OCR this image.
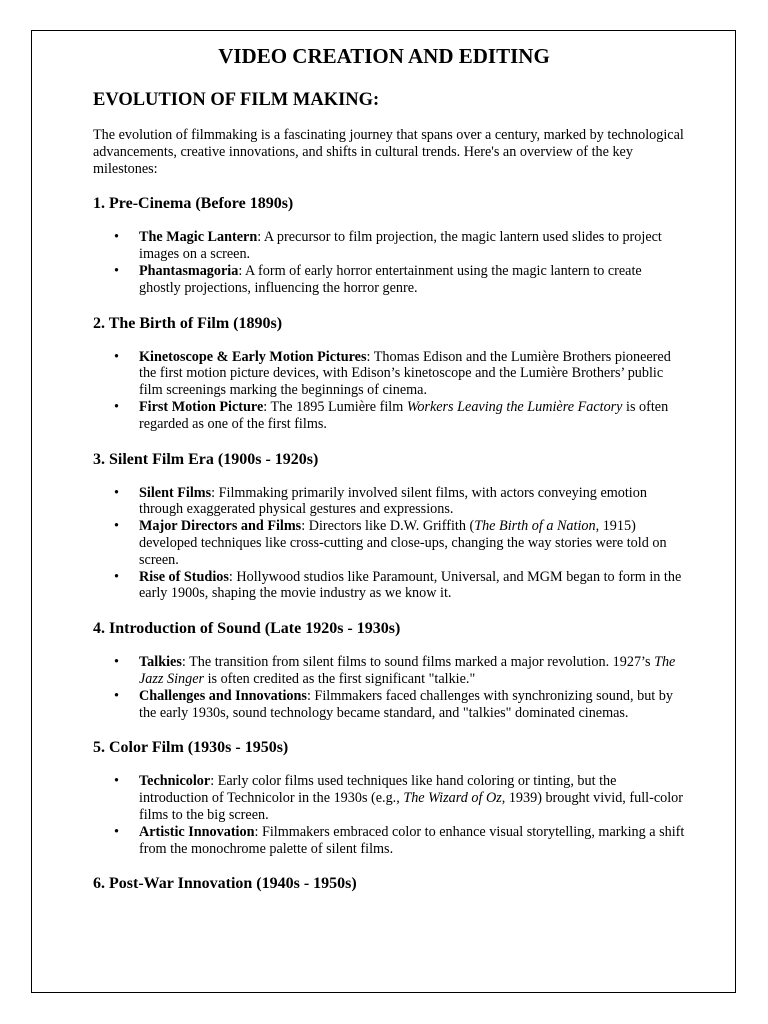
VIDEO CREATION AND EDITING
EVOLUTION OF FILM MAKING:

The evolution of filmmaking is a fascinating journey that spans over a century, marked by technological advancements, creative innovations, and shifts in cultural trends. Here's an overview of the key milestones:

1. Pre-Cinema (Before 1890s)
• The Magic Lantern: A precursor to film projection, the magic lantern used slides to project images on a screen.
• Phantasmagoria: A form of early horror entertainment using the magic lantern to create ghostly projections, influencing the horror genre.
2. The Birth of Film (1890s)
• Kinetoscope & Early Motion Pictures: Thomas Edison and the Lumière Brothers pioneered the first motion picture devices, with Edison’s kinetoscope and the Lumière Brothers’ public film screenings marking the beginnings of cinema.
• First Motion Picture: The 1895 Lumière film Workers Leaving the Lumière Factory is often regarded as one of the first films.
3. Silent Film Era (1900s - 1920s)
• Silent Films: Filmmaking primarily involved silent films, with actors conveying emotion through exaggerated physical gestures and expressions.
• Major Directors and Films: Directors like D.W. Griffith (The Birth of a Nation, 1915) developed techniques like cross-cutting and close-ups, changing the way stories were told on screen.
• Rise of Studios: Hollywood studios like Paramount, Universal, and MGM began to form in the early 1900s, shaping the movie industry as we know it.
4. Introduction of Sound (Late 1920s - 1930s)
• Talkies: The transition from silent films to sound films marked a major revolution. 1927’s The Jazz Singer is often credited as the first significant "talkie."
• Challenges and Innovations: Filmmakers faced challenges with synchronizing sound, but by the early 1930s, sound technology became standard, and "talkies" dominated cinemas.
5. Color Film (1930s - 1950s)
• Technicolor: Early color films used techniques like hand coloring or tinting, but the introduction of Technicolor in the 1930s (e.g., The Wizard of Oz, 1939) brought vivid, full-color films to the big screen.
• Artistic Innovation: Filmmakers embraced color to enhance visual storytelling, marking a shift from the monochrome palette of silent films.
6. Post-War Innovation (1940s - 1950s)
